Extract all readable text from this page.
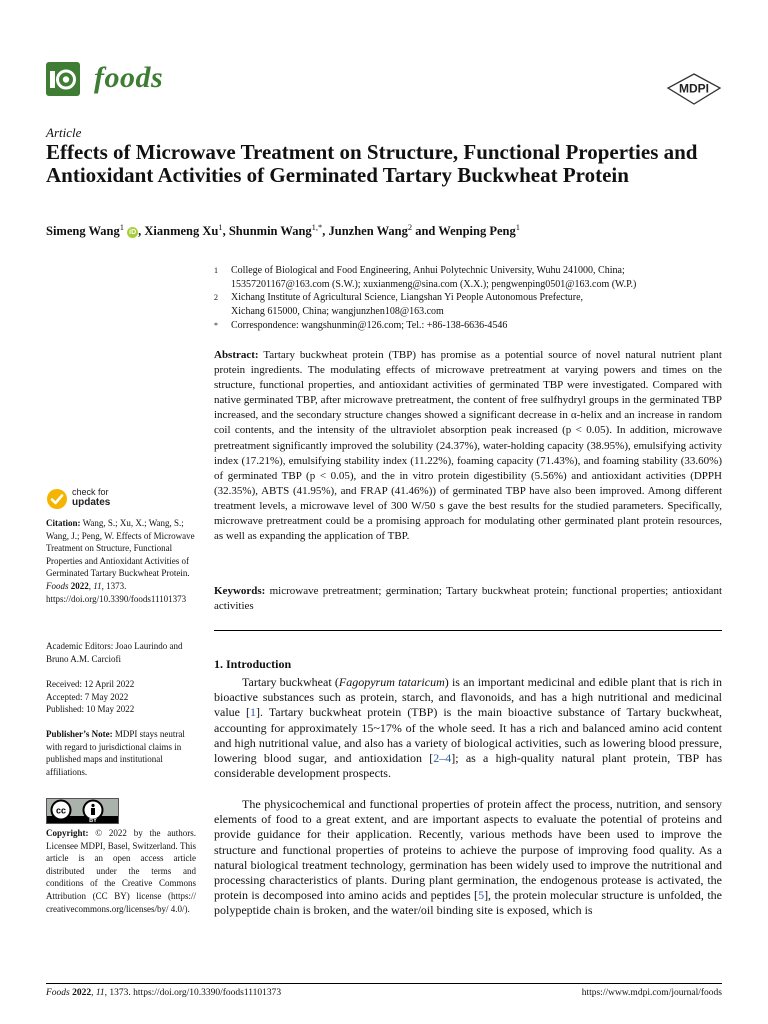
foods	MDPI
Article
Effects of Microwave Treatment on Structure, Functional Properties and Antioxidant Activities of Germinated Tartary Buckwheat Protein
Simeng Wang$^1$ iD , Xianmeng Xu$^1$, Shunmin Wang$^{1,*}$, Junzhen Wang$^2$ and Wenping Peng$^1$
1	College of Biological and Food Engineering, Anhui Polytechnic University, Wuhu 241000, China;
15357201167@163.com (S.W.); xuxianmeng@sina.com (X.X.); pengwenping0501@163.com (W.P.)
2	Xichang Institute of Agricultural Science, Liangshan Yi People Autonomous Prefecture,
Xichang 615000, China; wangjunzhen108@163.com
*	Correspondence: wangshunmin@126.com; Tel.: +86-138-6636-4546

Abstract: Tartary buckwheat protein (TBP) has promise as a potential source of novel natural nutrient plant protein ingredients. The modulating effects of microwave pretreatment at varying powers and times on the structure, functional properties, and antioxidant activities of germinated TBP were investigated. Compared with native germinated TBP, after microwave pretreatment, the content of free sulfhydryl groups in the germinated TBP increased, and the secondary structure changes showed a significant decrease in α-helix and an increase in random coil contents, and the intensity of the ultraviolet absorption peak increased (p < 0.05). In addition, microwave pretreatment significantly improved the solubility (24.37%), water-holding capacity (38.95%), emulsifying activity index (17.21%), emulsifying stability index (11.22%), foaming capacity (71.43%), and foaming stability (33.60%) of germinated TBP (p < 0.05), and the in vitro protein digestibility (5.56%) and antioxidant activities (DPPH (32.35%), ABTS (41.95%), and FRAP (41.46%)) of germinated TBP have also been improved. Among different treatment levels, a microwave level of 300 W/50 s gave the best results for the studied parameters. Specifically, microwave pretreatment could be a promising approach for modulating other germinated plant protein resources, as well as expanding the application of TBP.

Keywords: microwave pretreatment; germination; Tartary buckwheat protein; functional properties; antioxidant activities

1. Introduction

Tartary buckwheat (Fagopyrum tataricum) is an important medicinal and edible plant that is rich in bioactive substances such as protein, starch, and flavonoids, and has a high nutritional and medicinal value [1]. Tartary buckwheat protein (TBP) is the main bioactive substance of Tartary buckwheat, accounting for approximately 15~17% of the whole seed. It has a rich and balanced amino acid content and high nutritional value, and also has a variety of biological activities, such as lowering blood pressure, lowering blood sugar, and antioxidation [2–4]; as a high-quality natural plant protein, TBP has considerable development prospects.

The physicochemical and functional properties of protein affect the process, nutrition, and sensory elements of food to a great extent, and are important aspects to evaluate the potential of proteins and provide guidance for their application. Recently, various methods have been used to improve the structure and functional properties of proteins to achieve the purpose of improving food quality. As a natural biological treatment technology, germination has been widely used to improve the nutritional and processing characteristics of plants. During plant germination, the endogenous protease is activated, the protein is decomposed into amino acids and peptides [5], the protein molecular structure is unfolded, the polypeptide chain is broken, and the water/oil binding site is exposed, which is

check for
updates
Citation: Wang, S.; Xu, X.; Wang, S.; Wang, J.; Peng, W. Effects of Microwave Treatment on Structure, Functional Properties and Antioxidant Activities of Germinated Tartary Buckwheat Protein. Foods 2022, 11, 1373. https://doi.org/10.3390/foods11101373
Academic Editors: Joao Laurindo and Bruno A.M. Carciofi
Received: 12 April 2022
Accepted: 7 May 2022
Published: 10 May 2022
Publisher’s Note: MDPI stays neutral with regard to jurisdictional claims in published maps and institutional affiliations.
cc
BY
Copyright: © 2022 by the authors. Licensee MDPI, Basel, Switzerland. This article is an open access article distributed under the terms and conditions of the Creative Commons Attribution (CC BY) license (https:// creativecommons.org/licenses/by/ 4.0/).
Foods 2022, 11, 1373. https://doi.org/10.3390/foods11101373	https://www.mdpi.com/journal/foods
